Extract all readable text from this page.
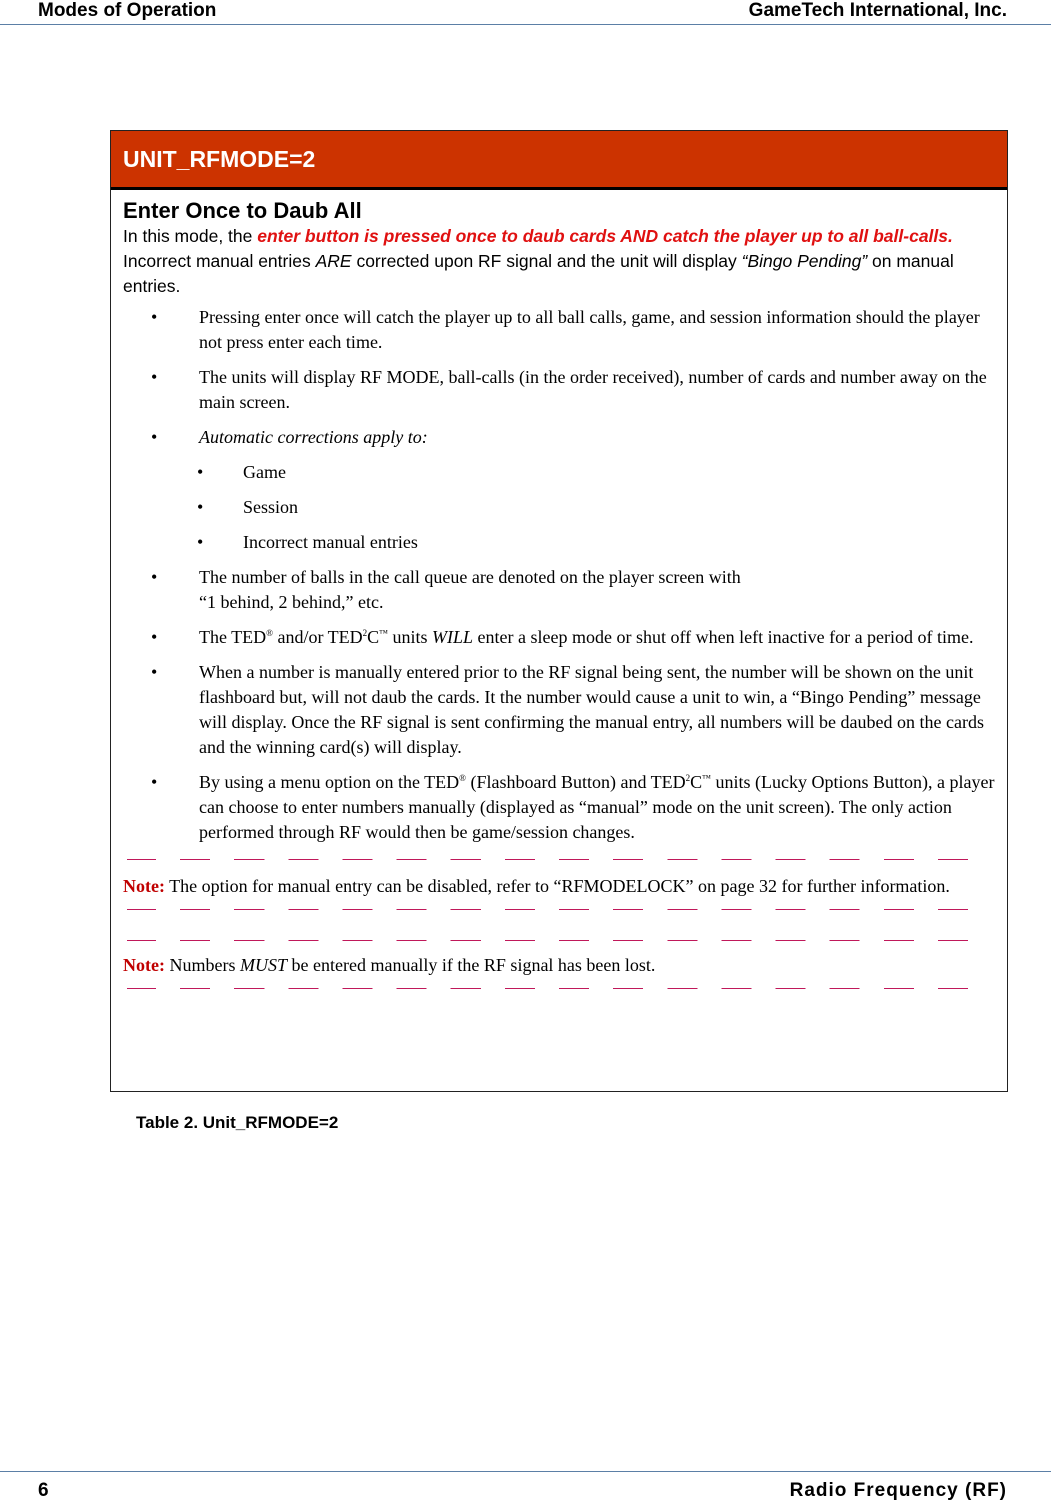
Modes of Operation	GameTech International, Inc.
UNIT_RFMODE=2
Enter Once to Daub All
In this mode, the enter button is pressed once to daub cards AND catch the player up to all ball-calls. Incorrect manual entries ARE corrected upon RF signal and the unit will display “Bingo Pending” on manual entries.
• Pressing enter once will catch the player up to all ball calls, game, and session information should the player not press enter each time.
• The units will display RF MODE, ball-calls (in the order received), number of cards and number away on the main screen.
• Automatic corrections apply to:
• Game
• Session
• Incorrect manual entries
• The number of balls in the call queue are denoted on the player screen with
“1 behind, 2 behind,” etc.
• The TED® and/or TED$^2$C™ units WILL enter a sleep mode or shut off when left inactive for a period of time.
• When a number is manually entered prior to the RF signal being sent, the number will be shown on the unit flashboard but, will not daub the cards. It the number would cause a unit to win, a “Bingo Pending” message will display. Once the RF signal is sent confirming the manual entry, all numbers will be daubed on the cards and the winning card(s) will display.
• By using a menu option on the TED® (Flashboard Button) and TED$^2$C™ units (Lucky Options Button), a player can choose to enter numbers manually (displayed as “manual” mode on the unit screen). The only action performed through RF would then be game/session changes.
Note: The option for manual entry can be disabled, refer to “RFMODELOCK” on page 32 for further information.
Note: Numbers MUST be entered manually if the RF signal has been lost.
Table 2. Unit_RFMODE=2
6	Radio Frequency (RF)
